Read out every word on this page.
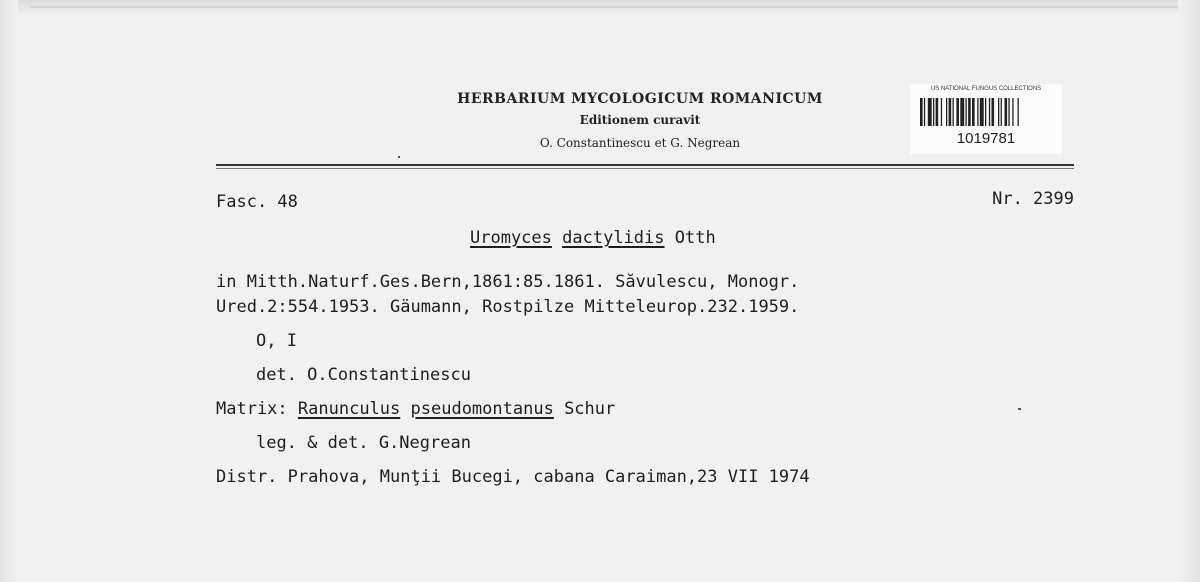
HERBARIUM MYCOLOGICUM ROMANICUM
Editionem curavit
O. Constantinescu et G. Negrean
US NATIONAL FUNGUS COLLECTIONS
1019781
Fasc. 48	Nr. 2399
Uromyces dactylidis Otth
in Mitth.Naturf.Ges.Bern,1861:85.1861. Săvulescu, Monogr.
Ured.2:554.1953. Gäumann, Rostpilze Mitteleurop.232.1959.
O, I
det. O.Constantinescu
Matrix: Ranunculus pseudomontanus Schur
leg. & det. G.Negrean
Distr. Prahova, Munţii Bucegi, cabana Caraiman,23 VII 1974
